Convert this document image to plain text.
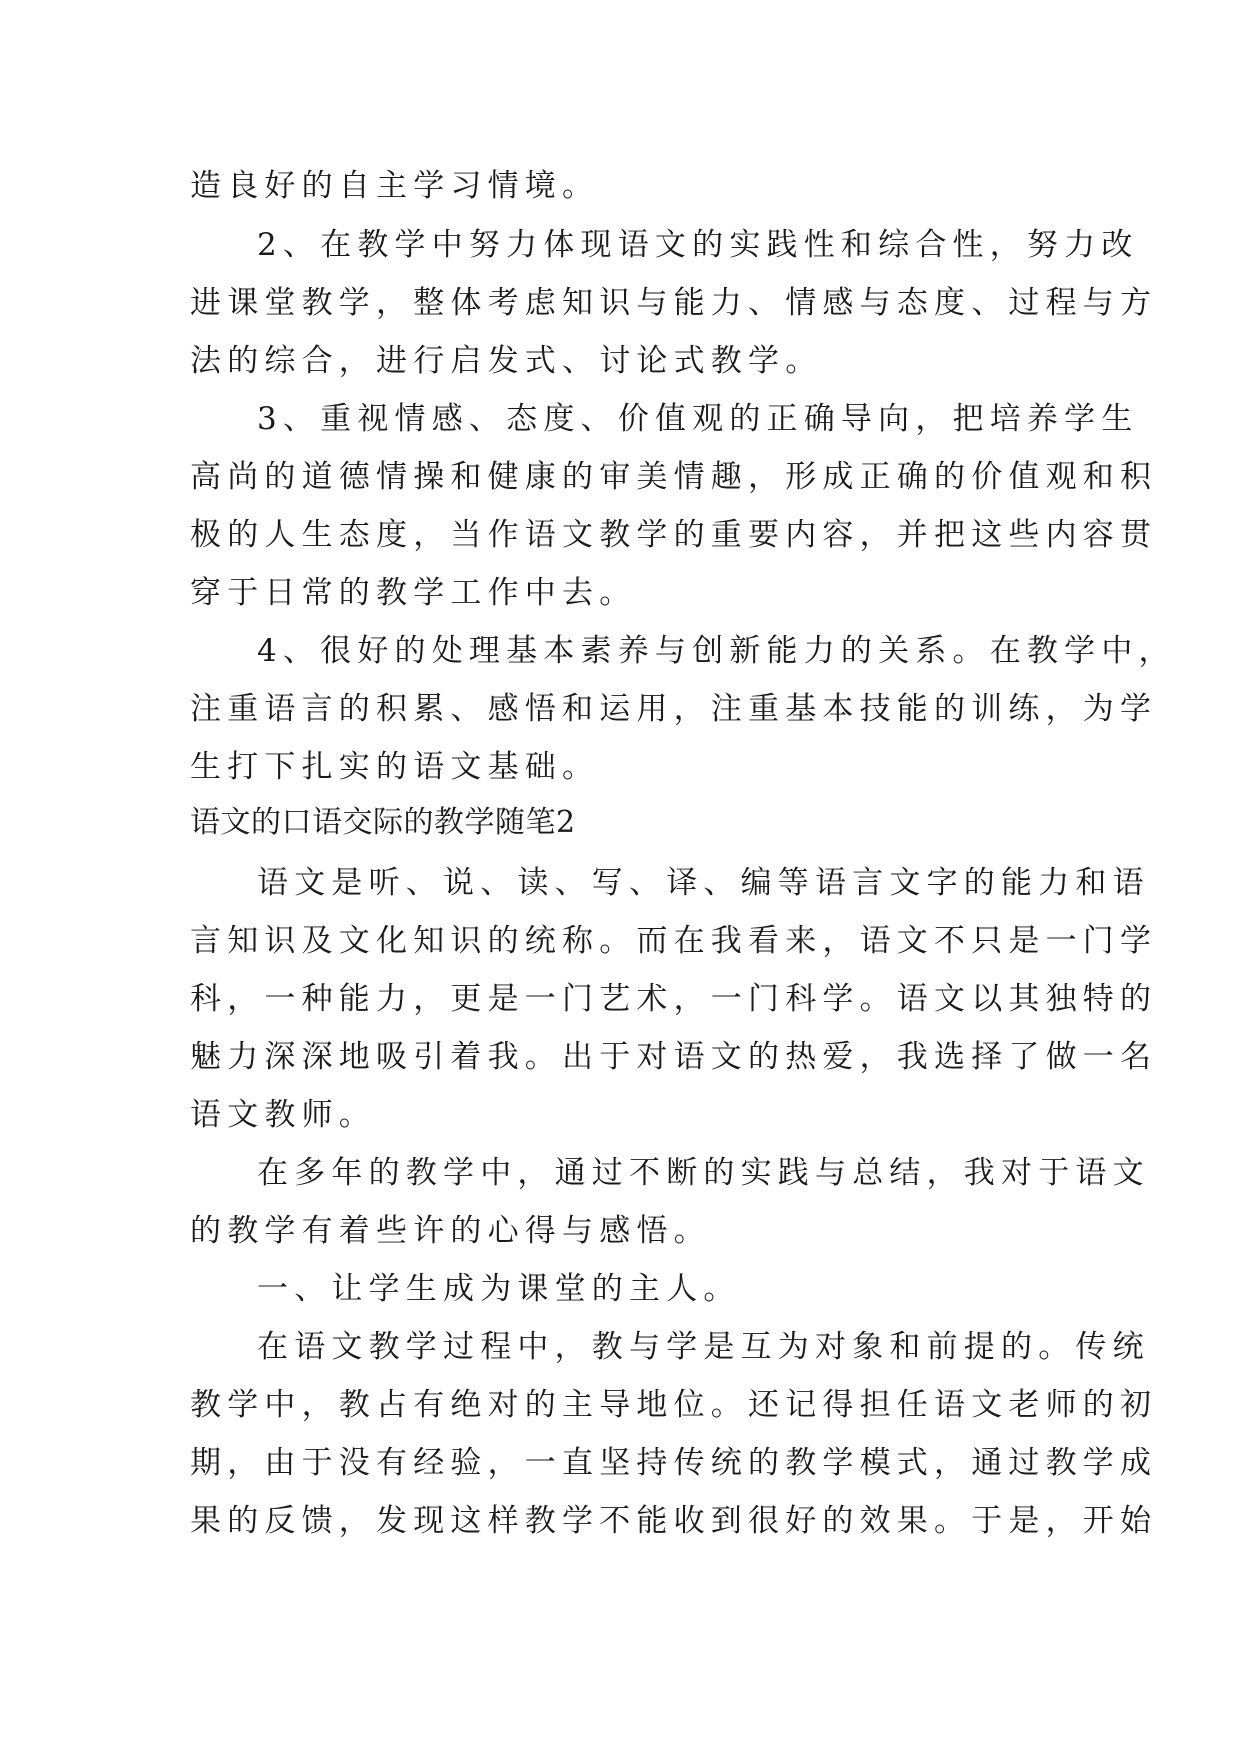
造良好的自主学习情境。
2、在教学中努力体现语文的实践性和综合性，努力改
进课堂教学，整体考虑知识与能力、情感与态度、过程与方
法的综合，进行启发式、讨论式教学。
3、重视情感、态度、价值观的正确导向，把培养学生
高尚的道德情操和健康的审美情趣，形成正确的价值观和积
极的人生态度，当作语文教学的重要内容，并把这些内容贯
穿于日常的教学工作中去。
4、很好的处理基本素养与创新能力的关系。在教学中，
注重语言的积累、感悟和运用，注重基本技能的训练，为学
生打下扎实的语文基础。
语文的口语交际的教学随笔2
语文是听、说、读、写、译、编等语言文字的能力和语
言知识及文化知识的统称。而在我看来，语文不只是一门学
科，一种能力，更是一门艺术，一门科学。语文以其独特的
魅力深深地吸引着我。出于对语文的热爱，我选择了做一名
语文教师。
在多年的教学中，通过不断的实践与总结，我对于语文
的教学有着些许的心得与感悟。
一、让学生成为课堂的主人。
在语文教学过程中，教与学是互为对象和前提的。传统
教学中，教占有绝对的主导地位。还记得担任语文老师的初
期，由于没有经验，一直坚持传统的教学模式，通过教学成
果的反馈，发现这样教学不能收到很好的效果。于是，开始
